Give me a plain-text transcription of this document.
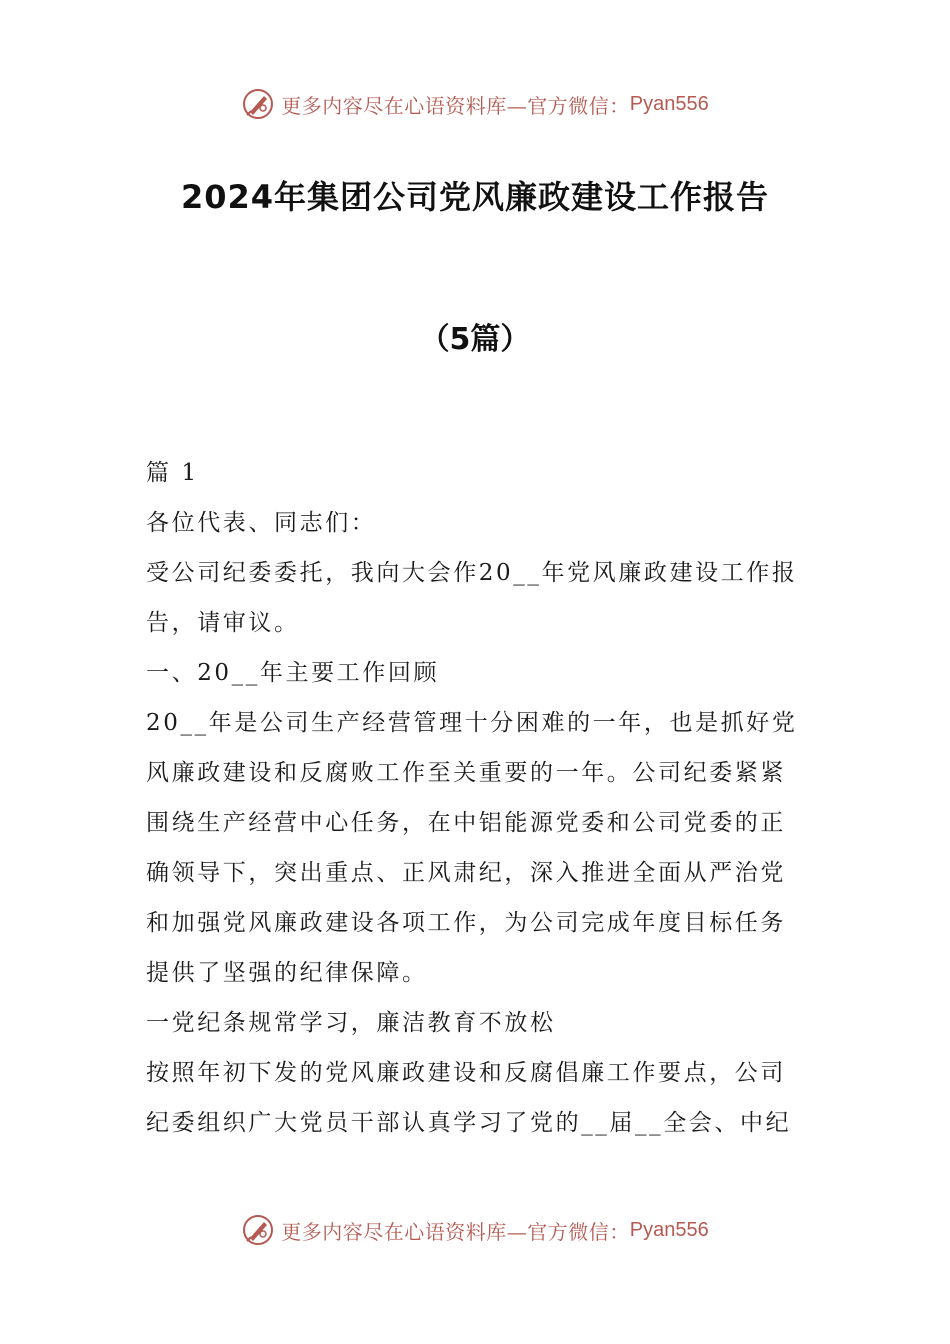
更多内容尽在心语资料库—官方微信： Pyan556
2024年集团公司党风廉政建设工作报告
（5篇）
篇 1
各位代表、同志们：
受公司纪委委托，我向大会作20__年党风廉政建设工作报
告，请审议。
一、20__年主要工作回顾
20__年是公司生产经营管理十分困难的一年，也是抓好党
风廉政建设和反腐败工作至关重要的一年。公司纪委紧紧
围绕生产经营中心任务，在中铝能源党委和公司党委的正
确领导下，突出重点、正风肃纪，深入推进全面从严治党
和加强党风廉政建设各项工作，为公司完成年度目标任务
提供了坚强的纪律保障。
一党纪条规常学习，廉洁教育不放松
按照年初下发的党风廉政建设和反腐倡廉工作要点，公司
纪委组织广大党员干部认真学习了党的__届__全会、中纪
更多内容尽在心语资料库—官方微信： Pyan556
